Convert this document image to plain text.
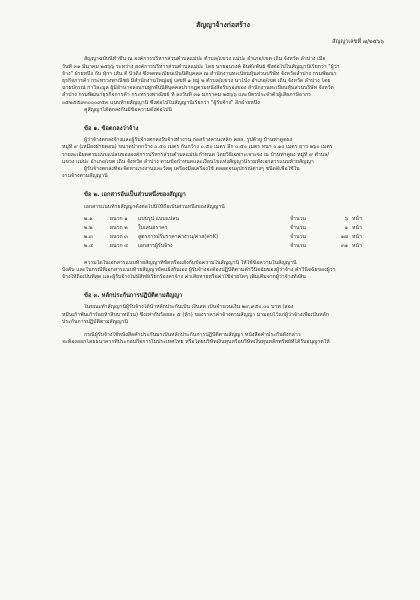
สัญญาจ้างก่อสร้าง
สัญญาเลขที่ ๗/๒๕๖๖
สัญญาฉบับนี้ทำขึ้น ณ องค์การบริหารส่วนตำบลแม่ปะ ตำบล/แขวง แม่ปะ อำเภอ/เขต เถิน จังหวัด ลำปาง เมื่อ
วันที่ ๓๑ มีนาคม ๒๕๖๖ ระหว่าง องค์การบริหารส่วนตำบลแม่ปะ โดย นายอนรงค์ อินต๊ะพันธ์ ซึ่งต่อไปในสัญญานี้เรียกว่า "ผู้ว่า
จ้าง" ฝ่ายหนึ่ง กับ หุ้กา เส้น ดี บิวดิ้ง ซึ่งจดทะเบียนเป็นนิติบุคคล ณ สำนักงานทะเบียนหุ้นส่วนบริษัท จังหวัดลำปาง กรมพัฒนา
ธุรกิจการค้า กระทรวงพาณิชย์ มีสำนักงานใหญ่อยู่ เลขที่ ๑ หมู่ ๒ ตำบล/แขวง นาโป่ง อำเภอ/เขต เถิน จังหวัด ลำปาง โดย
นายปกรณ์ กาวิละมูล ผู้มีอำนาจลงนามผูกพันนิติบุคคลปรากฏตามหนังสือรับรองของ สำนักงานทะเบียนหุ้นส่วนบริษัท จังหวัด
ลำปาง กรมพัฒนาธุรกิจการค้า กระทรวงพาณิชย์ ที่ ลงวันที่ ๓๑ มกราคม ๒๕๖๖ และบัตรประจำตัวผู้เสียภาษีอากร
๐๕๒๕๕๙๓๐๐๐๙๕๓ แนบท้ายสัญญานี้ ซึ่งต่อไปในสัญญานี้เรียกว่า "ผู้รับจ้าง" อีกฝ่ายหนึ่ง
คู่สัญญาได้ตกลงกันมีข้อความดังต่อไปนี้
ข้อ ๑. ข้อตกลงว่าจ้าง
ผู้ว่าจ้างตกลงจ้างและผู้รับจ้างตกลงรับจ้างทำงาน ก่อสร้างคานเหล็ก คสล. รูปตัวยู บ้านท่าดูดผง
หมู่ที่ ๙ (เหมืองฝายดอน) ขนาดปากกว้าง ๐.๕๐ เมตร ก้นกว้าง ๐.๕๐ เมตร ลึก ๐.๕๐ เมตร หนา ๐.๑๐ เมตร ยาว ๒๖๐ เมตร
รายละเอียดตามแบบแปลนขององค์การบริหารส่วนตำบลแม่ปะกำหนด โดยวิธีเฉพาะเจาะจง ณ บ้านท่าดูผง หมู่ที่ ๙ ตำบล/
แขวง แม่ปะ อำเภอ/เขต เถิน จังหวัด ลำปาง ตามข้อกำหนดและเงื่อนไขแห่งสัญญานี้รวมทั้งเอกสารแนบท้ายสัญญา
ผู้รับจ้างตกลงที่จะจัดหาแรงงานและวัสดุ เครื่องมือเครื่องใช้ ตลอดจนอุปกรณ์ต่างๆ ชนิดดีเพื่อใช้ใน
งานจ้างตามสัญญานี้
ข้อ ๒. เอกสารอันเป็นส่วนหนึ่งของสัญญา
เอกสารแนบท้ายสัญญาดังต่อไปนี้ให้ถือเป็นส่วนหนึ่งของสัญญานี้
๒.๑	ผนวก ๑	แบบรูป แบบแปลน	จำนวน	๖	หน้า
๒.๒	ผนวก ๒	ใบเสนอราคา	จำนวน	๑	หน้า
๒.๓	ผนวก ๓	สูตรการปรับราคาค่างาน/ค่าส(ค่าK)	จำนวน	๑๗	หน้า
๒.๔	ผนวก ๔	เอกสารผู้รับจ้าง	จำนวน	๓๑	หน้า
ความใดในเอกสารแนบท้ายสัญญาที่ขัดหรือแย้งกับข้อความในสัญญานี้ ให้ใช้ข้อความในสัญญานี้
บังคับ และในกรณีที่เอกสารแนบท้ายสัญญาขัดแย้งกันเอง ผู้รับจ้างจะต้องปฏิบัติตามคำวินิจฉัยของผู้ว่าจ้าง คำวินิจฉัยของผู้ว่า
จ้างให้ถือเป็นที่สุด และผู้รับจ้างไม่มีสิทธิเรียกร้องค่าจ้าง ค่าเสียหายหรือค่าใช้จ่ายใดๆ เพิ่มเติมจากผู้ว่าจ้างทั้งสิ้น
ข้อ ๓. หลักประกันการปฏิบัติตามสัญญา
ในขณะทำสัญญานี้ผู้รับจ้างได้นำหลักประกันเป็น เงินสด เป็นจำนวนเงิน ๒๙,๙๕๐.๐๐ บาท (สอง
หมื่นเก้าพันเก้าร้อยห้าสิบบาทถ้วน) ซึ่งเท่ากับร้อยละ ๕ (ห้า) ของราคาค่าจ้างตามสัญญา มามอบไว้แก่ผู้ว่าจ้างเพื่อเป็นหลัก
ประกันการปฏิบัติตามสัญญานี้
กรณีผู้รับจ้างใช้หนังสือค้ำประกันมาเป็นหลักประกันการปฏิบัติตามสัญญา หนังสือค้ำประกันดังกล่าว
จะต้องออกโดยธนาคารที่ประกอบกิจการในประเทศไทย หรือโดยบริษัทเงินทุนหรือบริษัทเงินทุนหลักทรัพย์ที่ได้รับอนุญาตให้
